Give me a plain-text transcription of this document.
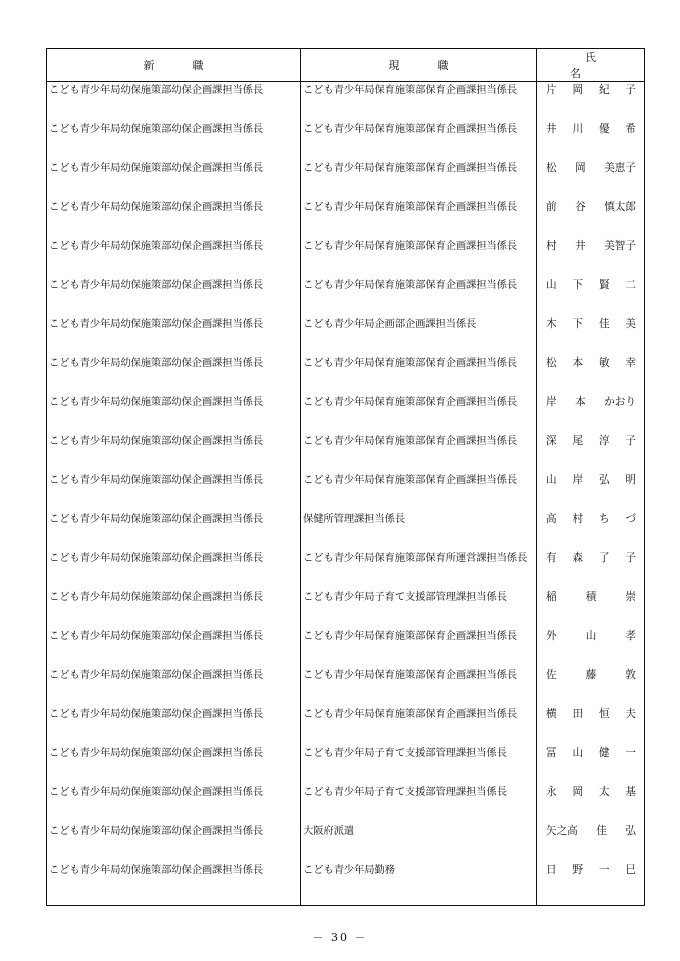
新職	現職	氏名
こども青少年局幼保施策部幼保企画課担当係長	こども青少年局保育施策部保育企画課担当係長	片 岡 紀 子

こども青少年局幼保施策部幼保企画課担当係長	こども青少年局保育施策部保育企画課担当係長	井 川 優 希

こども青少年局幼保施策部幼保企画課担当係長	こども青少年局保育施策部保育企画課担当係長	松 岡 美恵子

こども青少年局幼保施策部幼保企画課担当係長	こども青少年局保育施策部保育企画課担当係長	前 谷 慎太郎

こども青少年局幼保施策部幼保企画課担当係長	こども青少年局保育施策部保育企画課担当係長	村 井 美智子

こども青少年局幼保施策部幼保企画課担当係長	こども青少年局保育施策部保育企画課担当係長	山 下 賢 二

こども青少年局幼保施策部幼保企画課担当係長	こども青少年局企画部企画課担当係長	木 下 佳 美

こども青少年局幼保施策部幼保企画課担当係長	こども青少年局保育施策部保育企画課担当係長	松 本 敏 幸

こども青少年局幼保施策部幼保企画課担当係長	こども青少年局保育施策部保育企画課担当係長	岸 本 かおり

こども青少年局幼保施策部幼保企画課担当係長	こども青少年局保育施策部保育企画課担当係長	深 尾 淳 子

こども青少年局幼保施策部幼保企画課担当係長	こども青少年局保育施策部保育企画課担当係長	山 岸 弘 明

こども青少年局幼保施策部幼保企画課担当係長	保健所管理課担当係長	高 村 ち づ

こども青少年局幼保施策部幼保企画課担当係長	こども青少年局保育施策部保育所運営課担当係長	有 森 了 子

こども青少年局幼保施策部幼保企画課担当係長	こども青少年局子育て支援部管理課担当係長	稲 積 崇

こども青少年局幼保施策部幼保企画課担当係長	こども青少年局保育施策部保育企画課担当係長	外 山 孝

こども青少年局幼保施策部幼保企画課担当係長	こども青少年局保育施策部保育企画課担当係長	佐 藤 敦

こども青少年局幼保施策部幼保企画課担当係長	こども青少年局保育施策部保育企画課担当係長	横 田 恒 夫

こども青少年局幼保施策部幼保企画課担当係長	こども青少年局子育て支援部管理課担当係長	冨 山 健 一

こども青少年局幼保施策部幼保企画課担当係長	こども青少年局子育て支援部管理課担当係長	永 岡 太 基

こども青少年局幼保施策部幼保企画課担当係長	大阪府派遣	矢之高 佳 弘

こども青少年局幼保施策部幼保企画課担当係長	こども青少年局勤務	日 野 一 巳
－ 30 －
